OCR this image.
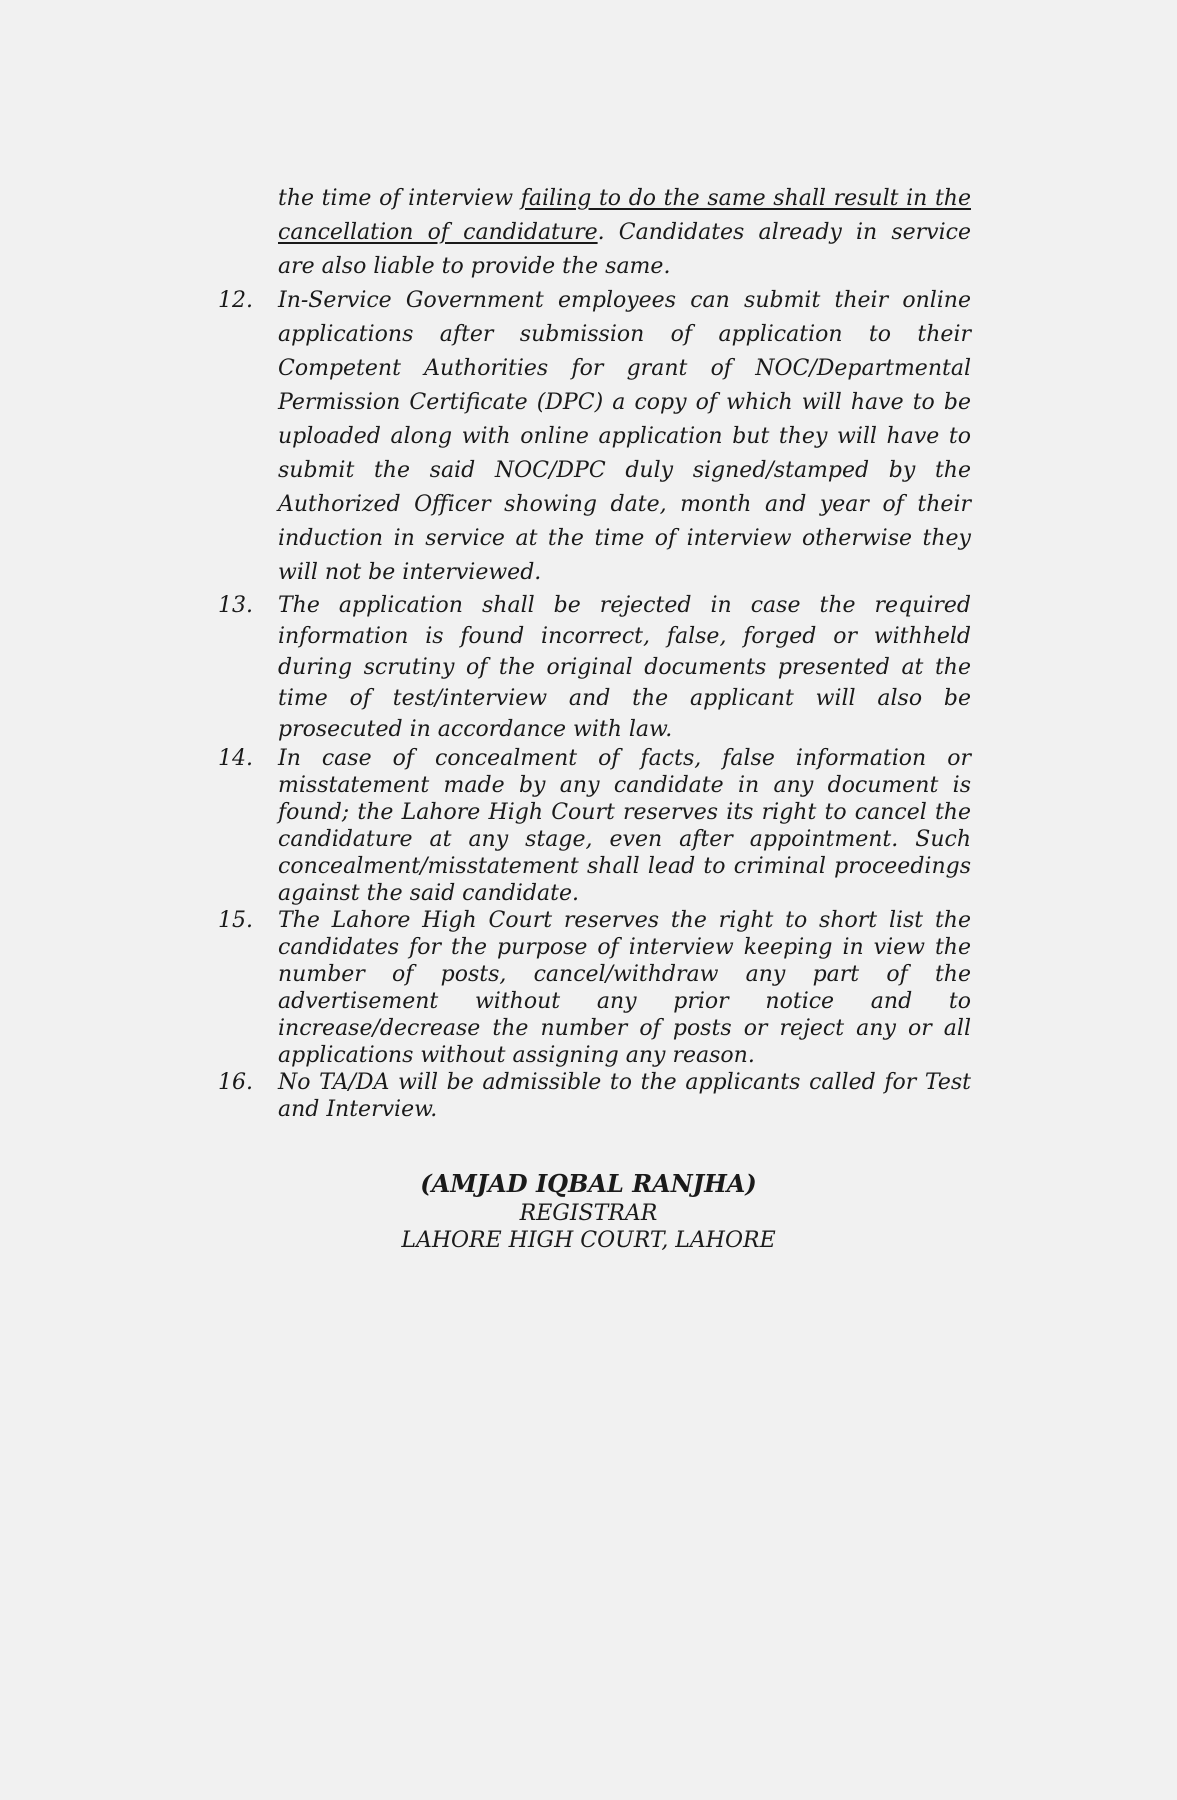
the time of interview failing to do the same shall result in the cancellation of candidature. Candidates already in service are also liable to provide the same.

12. In-Service Government employees can submit their online applications after submission of application to their Competent Authorities for grant of NOC/Departmental Permission Certificate (DPC) a copy of which will have to be uploaded along with online application but they will have to submit the said NOC/DPC duly signed/stamped by the Authorized Officer showing date, month and year of their induction in service at the time of interview otherwise they will not be interviewed.
13. The application shall be rejected in case the required information is found incorrect, false, forged or withheld during scrutiny of the original documents presented at the time of test/interview and the applicant will also be prosecuted in accordance with law.
14. In case of concealment of facts, false information or misstatement made by any candidate in any document is found; the Lahore High Court reserves its right to cancel the candidature at any stage, even after appointment. Such concealment/misstatement shall lead to criminal proceedings against the said candidate.
15. The Lahore High Court reserves the right to short list the candidates for the purpose of interview keeping in view the number of posts, cancel/withdraw any part of the advertisement without any prior notice and to increase/decrease the number of posts or reject any or all applications without assigning any reason.
16. No TA/DA will be admissible to the applicants called for Test and Interview.
(AMJAD IQBAL RANJHA)
REGISTRAR
LAHORE HIGH COURT, LAHORE
